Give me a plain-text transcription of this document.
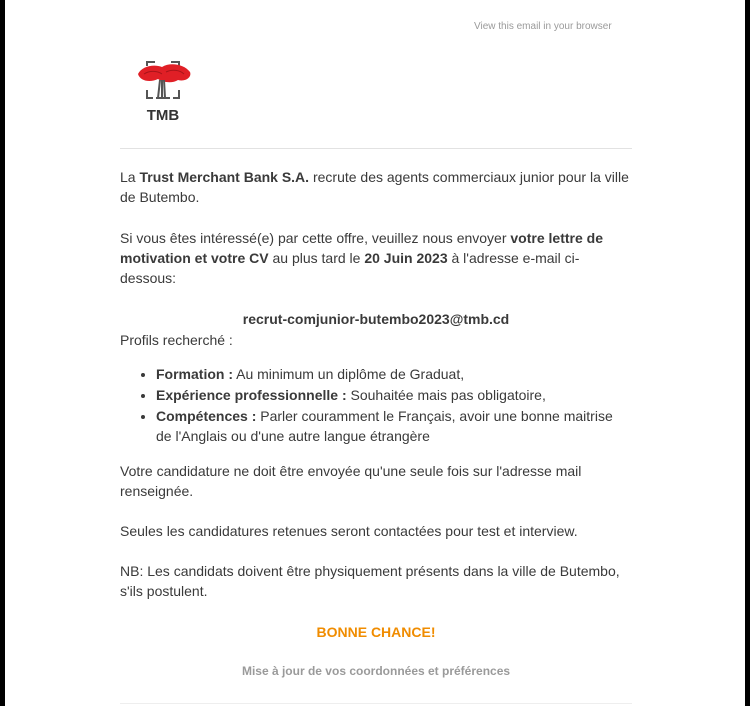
View this email in your browser
TMB

La Trust Merchant Bank S.A. recrute des agents commerciaux junior pour la ville de Butembo.

Si vous êtes intéressé(e) par cette offre, veuillez nous envoyer votre lettre de motivation et votre CV au plus tard le 20 Juin 2023 à l'adresse e-mail ci-dessous:

recrut-comjunior-butembo2023@tmb.cd

Profils recherché :

• Formation : Au minimum un diplôme de Graduat,
• Expérience professionnelle : Souhaitée mais pas obligatoire,
• Compétences : Parler couramment le Français, avoir une bonne maitrise de l'Anglais ou d'une autre langue étrangère

Votre candidature ne doit être envoyée qu'une seule fois sur l'adresse mail renseignée.

Seules les candidatures retenues seront contactées pour test et interview.

NB: Les candidats doivent être physiquement présents dans la ville de Butembo, s'ils postulent.

BONNE CHANCE!

Mise à jour de vos coordonnées et préférences
